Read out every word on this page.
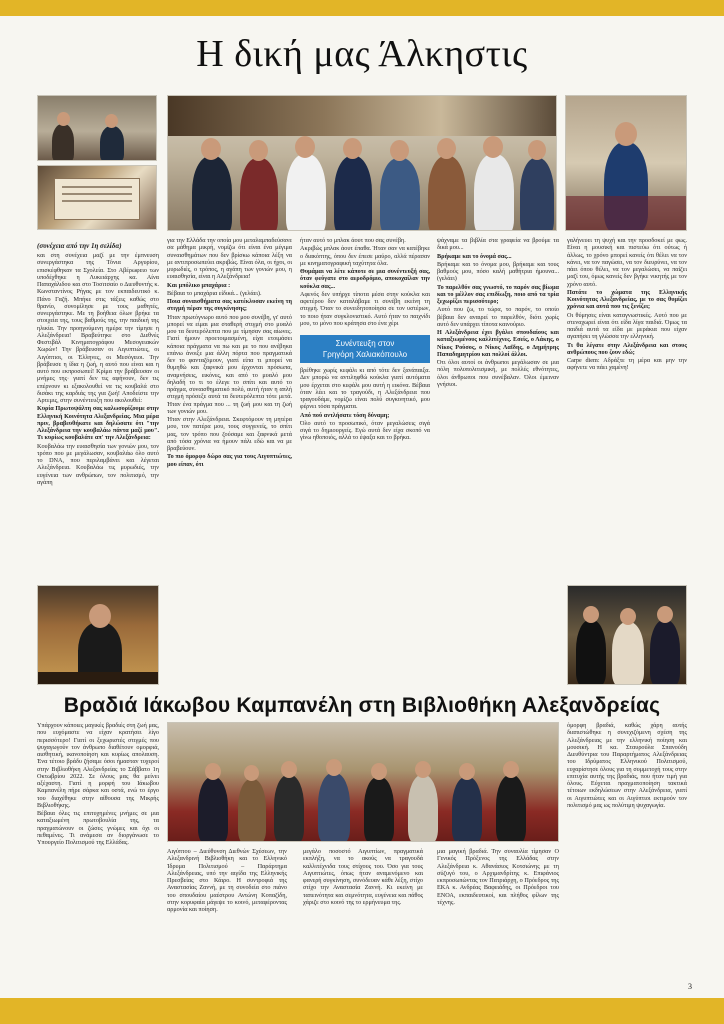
Η δική μας Άλκηστις
(συνέχεια από την 1η σελίδα)

και στη συνέχεια μαζί με την έμπνευση συνεργάστηκα της Τόνια Αργυρίου, επισκέφθηκαν τα Σχολεία. Στο Αβέρωφειο των υποδέχθηκε η Λυκειάρχης κα. Αίνα Παπαχάλιδου και στο Τοσιτσαίο ο Διευθυντής κ. Κωνσταντίνος Ρήγας με τον εκπαιδευτικό κ. Πάνο Γαζή. Μπήκε στις τάξεις καθώς στο θρανίο, συνομίλησε με τους μαθητές, συνεργάστηκε. Με τη βοήθεια όλων βρήκε τα στοιχεία της, τους βαθμούς της, την παιδική της ηλικία. Την προηγούμενη ημέρα την τίμησε η Αλεξάνδρεια! Βραβεύτηκε στο Διεθνές Φεστιβάλ Κινηματογράφου Μεσογειακών Χωρών! Την βράβευσαν οι Αιγυπτιώτες, οι Αιγύπτιοι, οι Έλληνες, οι Μεσόγειοι. Την βράβευσε η ίδια η ζωή, η αυτό που είναι και η αυτό που εκπροσωπεί! Κρίμα την βράβευσαν οι μνήμες της· γιατί δεν τις αφήνουν, δεν τις επέρνουν κι εξακολουθεί να τις κουβαλά στο δισάκι της καρδιάς της για ζωή! Αποδείστε την Αρτεμις, στην συνέντευξη που ακολουθεί:

Κυρία Πρωτοψάλτη σας καλωσορίζουμε στην Ελληνική Κοινότητα Αλεξανδρείας. Μια μέρα πριν, βραβευθήκατε και δηλώσατε ότι "την Αλεξάνδρεια την κουβαλάω πάντα μαζί μου". Τι κυρίως κουβαλάτε απ' την Αλεξάνδρεια:

Κουβαλάω την ευαισθησία των γονιών μου, τον τρόπο που με μεγάλωσαν, κουβαλάω όλο αυτό το DNA, που περιλαμβάνει και λέγεται Αλεξάνδρεια. Κουβαλάω τις μυρωδιές, την ευγένεια των ανθρώπων, τον πολιτισμό, την αγάπη

για την Ελλάδα την οποία μου μεταλαμπαδεύσανε σα μάθημα μικρή, νομίζω ότι είναι ένα μέγιμα συναισθημάτων που δεν βρίσκω κάποια λέξη να με αντιπροσωπεύει ακριβώς. Είναι όλα, οι ήχοι, οι μυρωδιές, ο τρόπος, η αγάπη των γονιών μου, η ευαισθησία, είναι η Αλεξάνδρεια!

Και μπόλικο μπαχάρια :

Βέβαια το μπαχάρια είδικά... (γελάει).

Ποια συναισθήματα σας κατέκλυσαν εκείνη τη στιγμή πέραν της συγκίνησης;

Ήταν πρωτόγνωρο αυτό που μου συνέβη, γι' αυτό μπορεί να είμαι μια σταθερή στιγμή στο μυαλό μου τα δευτερόλεπτα που με τίμησαν σας αίωνες. Γιατί ήμουν προετοιμασμένη, είχα ετοιμάσει κάποια πράγματα να πω και με το που ανέβηκα επάνω άνοιξε μια άλλη πόρτα που πραγματικά δεν το φανταζόμουν, γιατί είπα τι μπορεί να θυμηθώ και ξαφνικά μου έρχονται πρόσωπα, αναμνήσεις, εικόνες, και από το μυαλό μου δηλαδή το τι το έλεγε το σπίτι και αυτό το πράγμα, συναισθηματικό πολύ, αυτή ήταν η απλή στιγμή πρόσεξε αυτά τα δευτερόλεπτα τότε μετά. Ήταν ένα πράγμα που ... τη ζωή μου και τη ζωή των γονιών μου.

Ήταν στην Αλεξάνδρεια. Σκεφτόμουν τη μητέρα μου, τον πατέρα μου, τους συγγενείς, το σπίτι μας, τον τρόπο που ζούσαμε και ξαφνικά μετά από τόσα χρόνια να ήμουν πάλι εδώ και να με βραβεύουν.

Το πιο όμορφο δώρο σας για τους Αιγυπτιώτες, μου είπαν, ότι

ήταν αυτό το μπλακ άουτ που σας συνέβη.

Ακριβώς μπλακ άουτ έπαθα. Ήταν σαν να κατέβηκε ο διακόπτης, όπου δεν έπεσε μαύρο, αλλά πέρασαν με κινηματογραφική ταχύτητα όλα.

Θυμάμαι να λέτε κάποτε σε μια συνέντευξή σας, όταν φεύγατε στο αεροδρόμιο, αποκοχαίλαν την κούκλα σας...

Αφενός δεν υπήρχε τίποτα μέσα στην κούκλα και αφετέρου δεν καταλάβαμε τι συνέβη εκείνη τη στιγμή. Όταν το συνειδητοποίησα σε τον υστέρων, το ποιο ήταν συγκλονιστικό. Αυτό ήταν το παιχνίδι μου, το μόνο που κράτησα στο ένα χέρι

Συνέντευξη στον
Γρηγόρη Χαλιακόπουλο

βρέθηκε χωρίς κεφάλι κι από τότε δεν ξανάπαιξα. Δεν μπορώ να αντιληφθώ κούκλα γιατί αυτόματα μου έρχεται στο κεφάλι μου αυτή η εικόνα. Βέβαια όταν λέει και το τραγούδι, η Αλεξάνδρεια που τραγουδάμε, νομίζω είναι πολύ συγκινητικό, μου φέρνει τόσα πράγματα.

Από πού αντλήσατε τόση δύναμη;

Όλο αυτό το προσωπικό, όταν μεγαλώσεις σιγά σιγά το δημιουργείς. Εγώ αυτά δεν είχα σκοπό να γίνω ηθοποιός, αλλά το έψαξα και το βρήκα.

ψάχναμε τα βιβλία στα γραφεία να βρούμε τα δικά μου...

Βρήκαμε και το όνομά σας...

Βρήκαμε και το όνομα μου, βρήκαμε και τους βαθμούς μου, πόσο καλή μαθήτρια ήμουνα... (γελάει)

Το παρελθόν σας γνωστό, το παρόν σας βίωμα και το μέλλον σας επιδίωξη, ποιο από τα τρία ξεχωρίζει περισσότερο;

Αυτό που ζω, το τώρα, το παρόν, το οποίο βέβαια δεν αναιρεί το παρελθόν, διότι χωρίς αυτό δεν υπάρχει τίποτα καινούριο.

Η Αλεξάνδρεια έχει βγάλει σπουδαίους και καταξιωμένους καλλιτέχνες. Εσείς, ο Λάκης, ο Νίκος Ρούσος, ο Νίκος Λαΐδης, ο Δημήτρης Παπαδημητρίου και πολλοί άλλοι.

Ότι όλοι αυτοί οι άνθρωποι μεγάλωσαν σε μια πόλη πολυπολιτισμική, με πολλές εθνότητες, όλοι άνθρωποι που συνέβαλαν. Όλοι έμειναν γνήσιοι.

γαλήνευει τη ψυχή και την προσδοκεί με φως. Είναι η μουσική και πιστεύω ότι ούτως ή άλλως, το χρόνο μπορεί κανείς ότι θέλει να τον κάνει, να τον παγώσει, να τον διευρύνει, να τον πάει όπου θέλει, να τον μεγαλώσει, να παίζει μαζί του, όμως κανείς δεν βγήκε νικητής με τον χρόνο αυτό.

Πατάτε το χώματα της Ελληνικής Κοινότητας Αλεξανδρείας, με το σας θυμίζει χρόνια και αυτά που τις ξενίζει;

Οι θύμησες είναι καταγνωστικές. Αυτό που με στεναχωρεί είναι ότι είδα λίγα παιδιά. Όμως τα παιδιά αυτά τα είδα με μεράκια που είχαν αγαπήσει τη γλώσσα την ελληνική.

Τι θα λέγατε στην Αλεξάνδρεια και στους ανθρώπους που ζουν εδώ;

Carpe diem: Αδράξτε τη μέρα και μην την αφήνετε να πάει χαμένη!

Βραδιά Ιάκωβου Καμπανέλη στη Βιβλιοθήκη Αλεξανδρείας

Υπάρχουν κάποιες μαγικές βραδιές στη ζωή μας, που ευχόμαστε να είχαν κρατήσει λίγο περισσότερο! Γιατί οι ξεχωριστές στιγμές που ψυχαγωγούν τον άνθρωπο διαθέτουν ομορφιά, αισθητική, ικανοποίηση και κυρίως απολαυση. Ένα τέτοιο βράδυ ζήσαμε όσοι ήμασταν τυχεροί στην Βιβλιοθήκη Αλεξανδρείας το Σάββατο 1η Οκτωβρίου 2022. Σε όλους μας θα μείνει αξέχαστη. Γιατί η μορφή του Ιάκωβου Καμπανέλη πήρε σάρκα και οστά, ενώ το έργο του διαχέθηκε στην αίθουσα της Μικρής Βιβλιοθήκης.

Βέβαια όλες τις επιτυχημένες μνήμες σε μια καταξιωμένη πρωτοβουλία της, τα πραγματώνουν οι ζώσες γνώμες και όχι οι πεθαμένες. Τι ανάμεσα αν διοργάνωσε το Υπουργείο Πολιτισμού της Ελλάδας.

Αιγύπτου – Διεύθυνση Διεθνών Σχέσεων, την Αλεξανδρινή Βιβλιοθήκη και το Ελληνικό Ίδρυμα Πολιτισμού – Παράρτημα Αλεξάνδρειας, υπό την αιγίδα της Ελληνικής Πρεσβείας στο Κάιρο. Η συντροφιά της Αναστασίας Ζαννή, με τη συνοδεία στο πιάνο του σπουδαίου μαέστρου Αντώνη Κοπαζίδη, στην κορυφαία μάγεψε το κοινό, μεταφέροντας αρμονία και ποίηση.

μεγάλο ποσοστό Αιγυπτίων, πραγματικά εκπλήξη, να το ακούς να τραγουδά καλλιτέχνιδα τους στίχους του. Όσο για τους Αιγυπτιώτες, όπως ήταν αναμενόμενο και φανερή συγκίνηση, συνόδευαν κάθε λέξη, στίχο στίχο την Αναστασία Ζαννή. Κι εκείνη με ταπεινότητα και σεμνότητα, ευγένεια και πάθος χάριζε στο κοινό της το ερμήνευμα της.

μια μαγική βραδιά. Την συναυλία τίμησαν Ο Γενικός Πρόξενος της Ελλάδας στην Αλεξάνδρεια κ. Αθανάσιος Κοτσιώνης με τη σύζυγό του, ο Αρχιμανδρίτης κ. Επιφάνιος εκπροσωπώντας τον Πατριάρχη, ο Πρόεδρος της ΕΚΑ κ. Ανδρέας Βαφειάδης, οι Πρόεδροι του ΕΝΟΑ, εκπαιδευτικοί, και πλήθος φίλων της τέχνης.

όμορφη βραδιά, καθώς χάρη αυτής διαπιστώθηκε η συνεχιζόμενη σχέση της Αλεξάνδρειας με την ελληνική ποίηση και μουσική. Η κα. Σταυρούλα Σπανούδη Διευθύντρια του Παραρτήματος Αλεξάνδρειας του Ιδρύματος Ελληνικού Πολιτισμού, ευχαρίστησε όλους για τη συμμετοχή τους στην επιτυχία αυτής της βραδιάς, που ήταν τιμή για όλους. Εύχεται πραγματοποίηση τακτικά τέτοιων εκδηλώσεων στην Αλεξάνδρεια, γιατί οι Αιγυπτιώτες και οι Αιγύπτιοι εκτιμούν τον πολιτισμό μας ως πολύτιμη ψυχαγωγία.

3
